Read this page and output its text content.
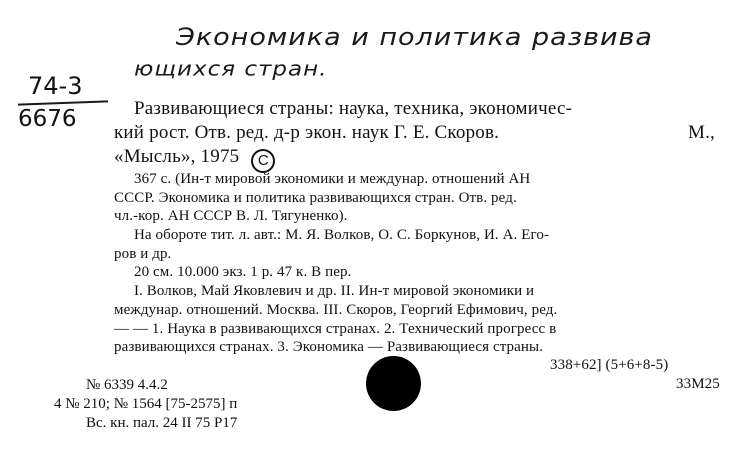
Экономика и политика развива
ющихся стран.
74-3
6676	Развивающиеся страны: наука, техника, экономичес-
кий рост. Отв. ред. д-р экон. наук Г. Е. Скоров.	М.,
«Мысль», 1975 C
367 с. (Ин-т мировой экономики и междунар. отношений АН
СССР. Экономика и политика развивающихся стран. Отв. ред.
чл.-кор. АН СССР В. Л. Тягуненко).
На обороте тит. л. авт.: М. Я. Волков, О. С. Боркунов, И. А. Его-
ров и др.
20 см. 10.000 экз. 1 р. 47 к. В пер.
I. Волков, Май Яковлевич и др. II. Ин-т мировой экономики и
междунар. отношений. Москва. III. Скоров, Георгий Ефимович, ред.
— — 1. Наука в развивающихся странах. 2. Технический прогресс в
развивающихся странах. 3. Экономика — Развивающиеся страны.
338+62] (5+6+8-5)
33М25
№ 6339 4.4.2
4 № 210; № 1564 [75-2575] п
Вс. кн. пал. 24 II 75 Р17
